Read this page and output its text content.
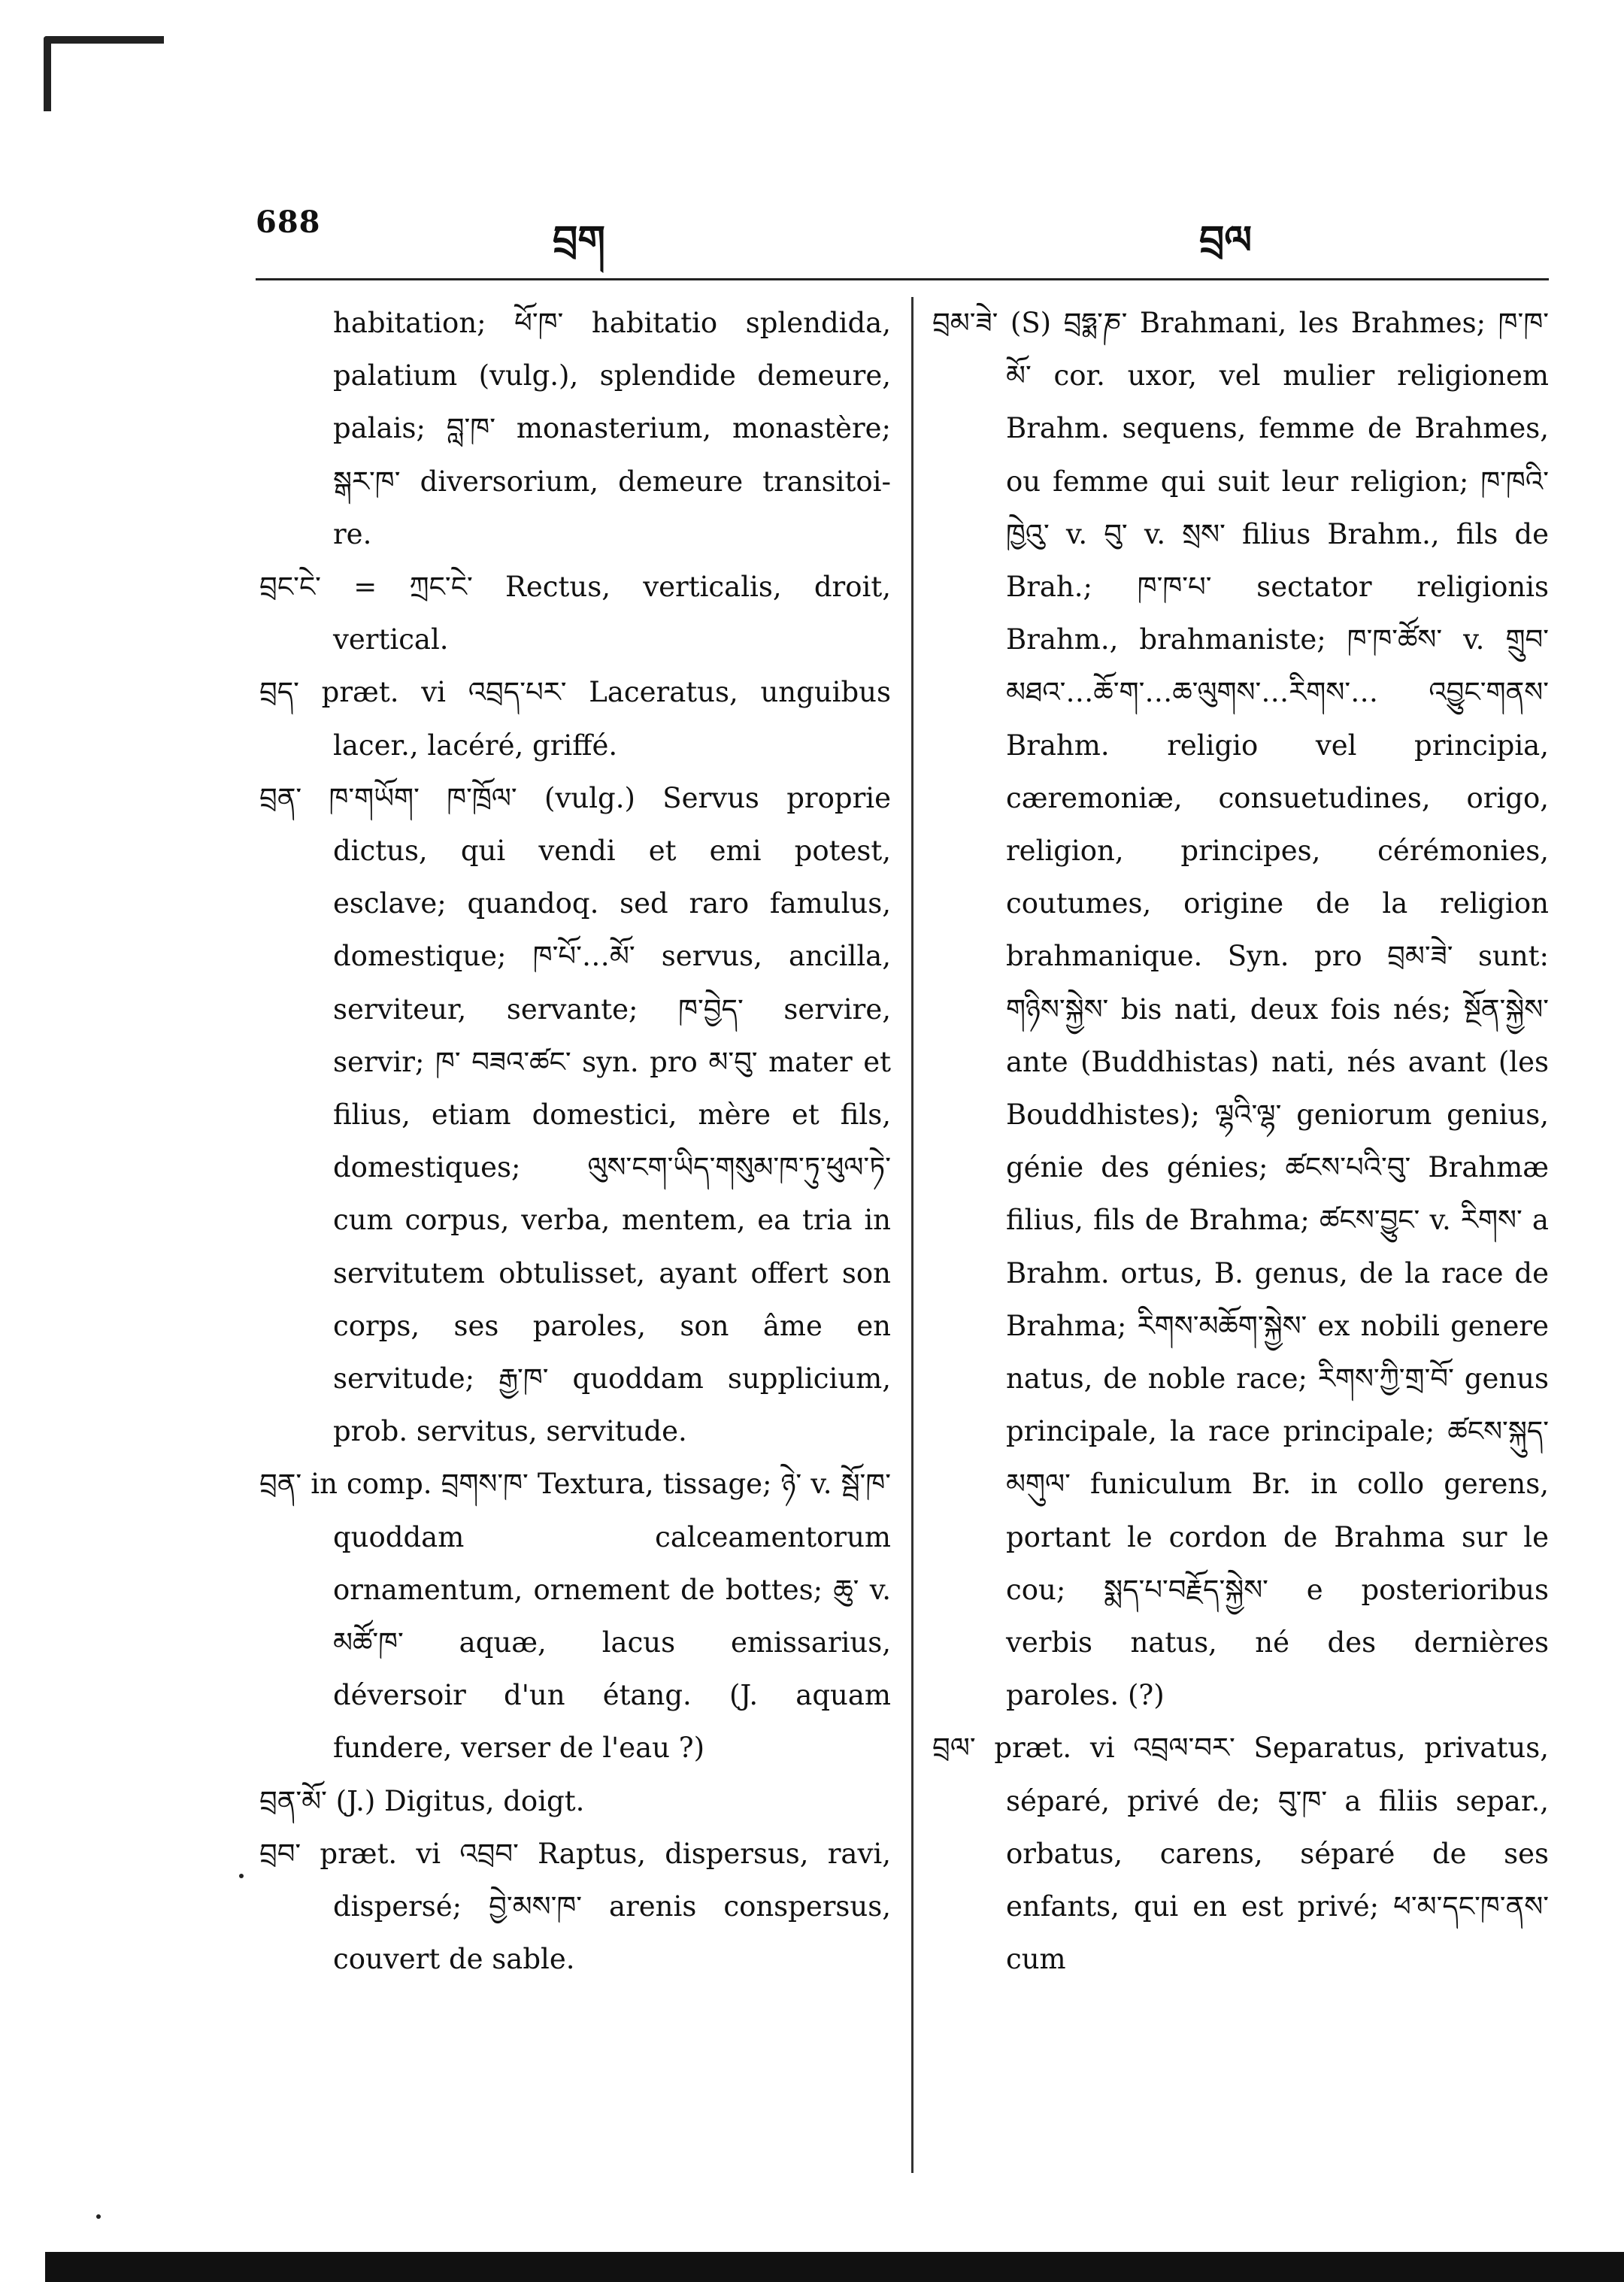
688	བྲག	བྲལ

habitation; ཕོ་ཁ་ habitatio splendida, palatium (vulg.), splendide demeure, palais; བླ་ཁ་ monasterium, monastère; སྒར་ཁ་ diversorium, demeure transitoi-re.

བྲང་ངེ་ = ཀྲང་ངེ་ Rectus, verticalis, droit, vertical.

བྲད་ præt. vi འབྲད་པར་ Laceratus, unguibus lacer., lacéré, griffé.

བྲན་ ཁ་གཡོག་ ཁ་ཁྲོལ་ (vulg.) Servus proprie dictus, qui vendi et emi potest, esclave; quandoq. sed raro famulus, domestique; ཁ་པོ་…མོ་ servus, ancilla, serviteur, servante; ཁ་བྱེད་ servire, servir; ཁ་ བཟའ་ཚང་ syn. pro མ་བུ་ mater et filius, etiam domestici, mère et fils, domestiques; ལུས་ངག་ཡིད་གསུམ་ཁ་ཏུ་ཕུལ་ཏེ་ cum corpus, verba, mentem, ea tria in servitutem obtulisset, ayant offert son corps, ses paroles, son âme en servitude; རྒྱ་ཁ་ quoddam supplicium, prob. servitus, servitude.

བྲན་ in comp. བྲགས་ཁ་ Textura, tissage; ཉེ་ v. སྦོ་ཁ་ quoddam calceamentorum ornamentum, ornement de bottes; ཆུ་ v. མཚོ་ཁ་ aquæ, lacus emissarius, déversoir d'un étang. (J. aquam fundere, verser de l'eau ?)

བྲན་མོ་ (J.) Digitus, doigt.

བྲབ་ præt. vi འབྲབ་ Raptus, dispersus, ravi, dispersé; བྱེ་མས་ཁ་ arenis conspersus, couvert de sable.

བྲམ་ཟེ་ (S) བྲཧྨ་ཎ་ Brahmani, les Brahmes; ཁ་ཁ་མོ་ cor. uxor, vel mulier religionem Brahm. sequens, femme de Brahmes, ou femme qui suit leur religion; ཁ་ཁའི་ཁྱེའུ་ v. བུ་ v. སྲས་ filius Brahm., fils de Brah.; ཁ་ཁ་པ་ sectator religionis Brahm., brahmaniste; ཁ་ཁ་ཚོས་ v. གྲུབ་མཐའ་…ཆོ་ག་…ཆ་ལུགས་…རིགས་… འབྱུང་གནས་ Brahm. religio vel principia, cæremoniæ, consuetudines, origo, religion, principes, cérémonies, coutumes, origine de la religion brahmanique. Syn. pro བྲམ་ཟེ་ sunt: གཉིས་སྐྱེས་ bis nati, deux fois nés; སྔོན་སྐྱེས་ ante (Buddhistas) nati, nés avant (les Bouddhistes); ལྷའི་ལྷ་ geniorum genius, génie des génies; ཚངས་པའི་བུ་ Brahmæ filius, fils de Brahma; ཚངས་བྱུང་ v. རིགས་ a Brahm. ortus, B. genus, de la race de Brahma; རིགས་མཆོག་སྐྱེས་ ex nobili genere natus, de noble race; རིགས་ཀྱི་གྲ་བོ་ genus principale, la race principale; ཚངས་སྐུད་མགུལ་ funiculum Br. in collo gerens, portant le cordon de Brahma sur le cou; སྨད་པ་བརྗོད་སྐྱེས་ e posterioribus verbis natus, né des dernières paroles. (?)

བྲལ་ præt. vi འབྲལ་བར་ Separatus, privatus, séparé, privé de; བུ་ཁ་ a filiis separ., orbatus, carens, séparé de ses enfants, qui en est privé; ཕ་མ་དང་ཁ་ནས་ cum
